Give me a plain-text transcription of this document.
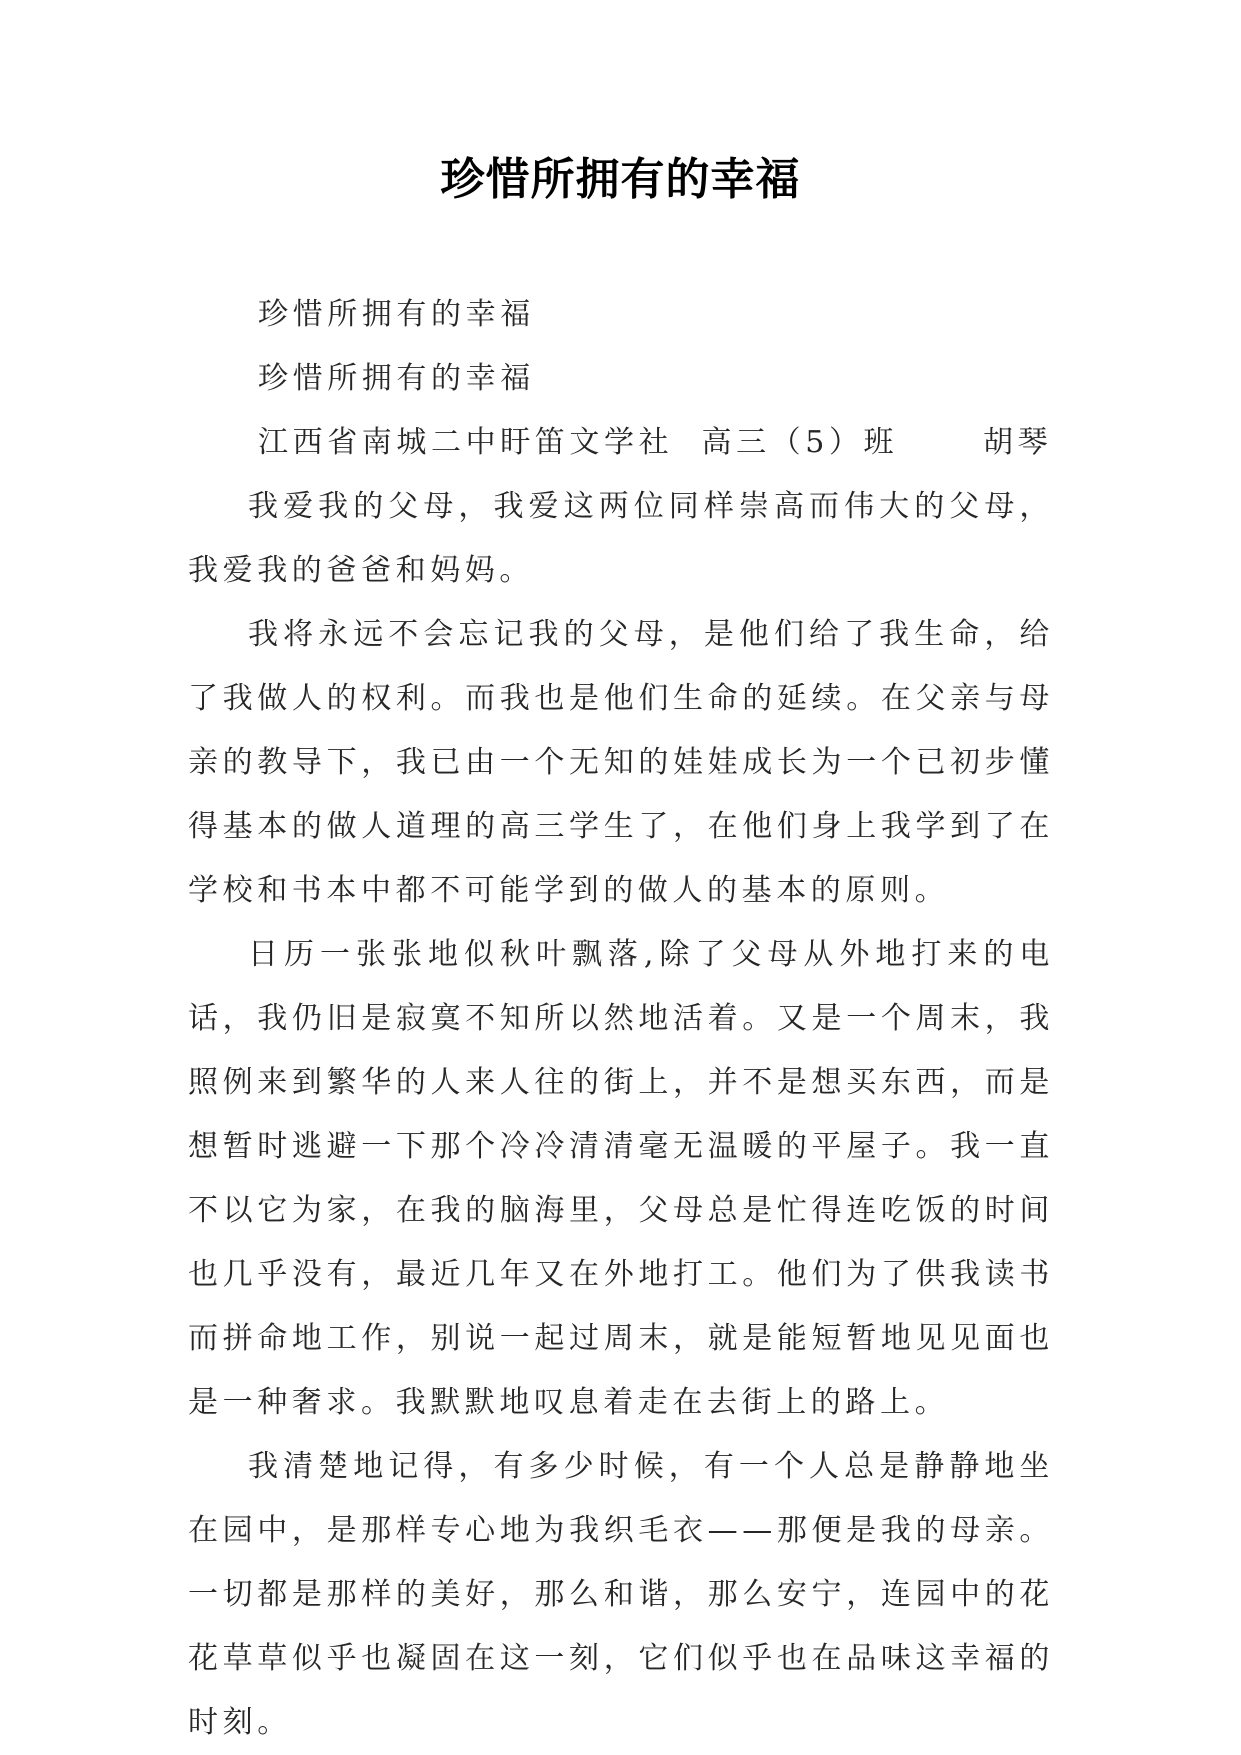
珍惜所拥有的幸福
珍惜所拥有的幸福
珍惜所拥有的幸福
江西省南城二中盱笛文学社  高三（5）班      胡琴

我爱我的父母，我爱这两位同样崇高而伟大的父母，我爱我的爸爸和妈妈。

我将永远不会忘记我的父母，是他们给了我生命，给了我做人的权利。而我也是他们生命的延续。在父亲与母亲的教导下，我已由一个无知的娃娃成长为一个已初步懂得基本的做人道理的高三学生了，在他们身上我学到了在学校和书本中都不可能学到的做人的基本的原则。

日历一张张地似秋叶飘落,除了父母从外地打来的电话，我仍旧是寂寞不知所以然地活着。又是一个周末，我照例来到繁华的人来人往的街上，并不是想买东西，而是想暂时逃避一下那个冷冷清清毫无温暖的平屋子。我一直不以它为家，在我的脑海里，父母总是忙得连吃饭的时间也几乎没有，最近几年又在外地打工。他们为了供我读书而拼命地工作，别说一起过周末，就是能短暂地见见面也是一种奢求。我默默地叹息着走在去街上的路上。

我清楚地记得，有多少时候，有一个人总是静静地坐在园中，是那样专心地为我织毛衣——那便是我的母亲。一切都是那样的美好，那么和谐，那么安宁，连园中的花花草草似乎也凝固在这一刻，它们似乎也在品味这幸福的时刻。
